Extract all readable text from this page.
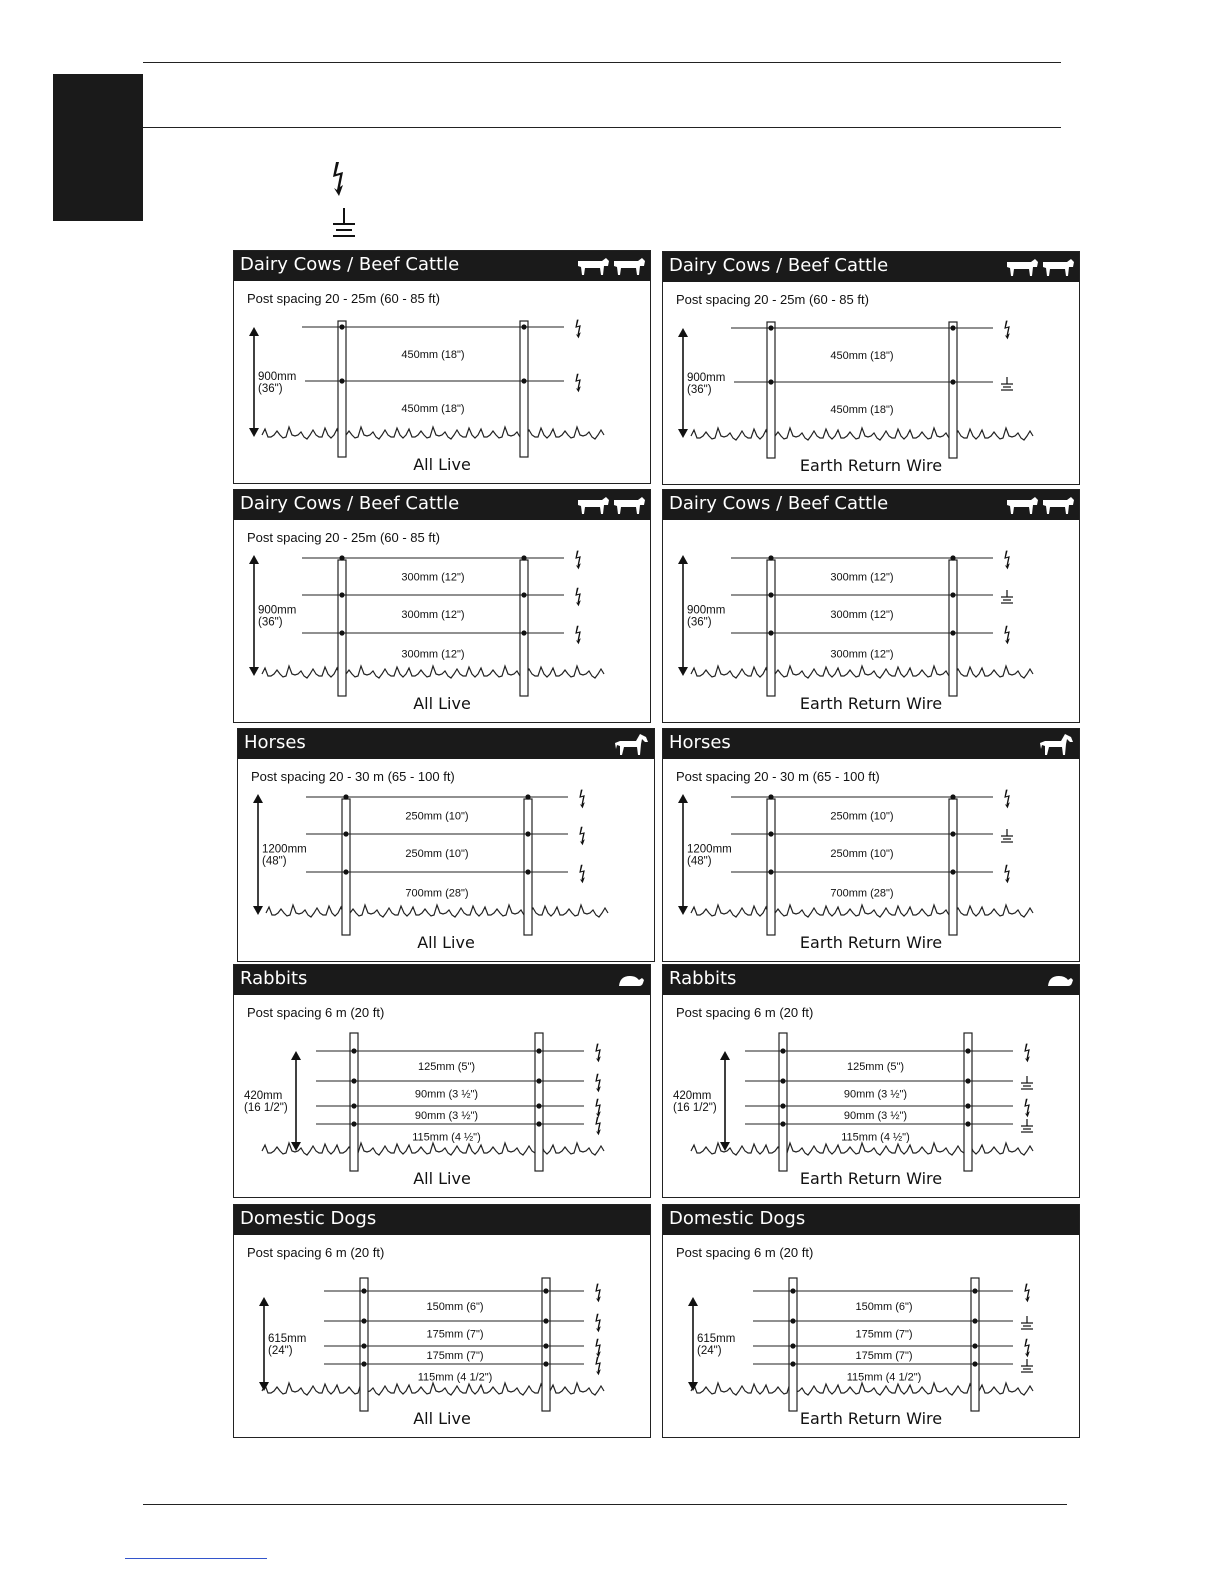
Dairy Cows / Beef Cattle
Post spacing 20 - 25m (60 - 85 ft)
All Live
450mm (18")
450mm (18")
900mm
(36")
Dairy Cows / Beef Cattle
Post spacing 20 - 25m (60 - 85 ft)
Earth Return Wire
450mm (18")
450mm (18")
900mm
(36")
Dairy Cows / Beef Cattle
Post spacing 20 - 25m (60 - 85 ft)
All Live
300mm (12")
300mm (12")
300mm (12")
900mm
(36")
Dairy Cows / Beef Cattle
Earth Return Wire
300mm (12")
300mm (12")
300mm (12")
900mm
(36")
Horses
Post spacing 20 - 30 m (65 - 100 ft)
All Live
250mm (10")
250mm (10")
700mm (28")
1200mm
(48")
Horses
Post spacing 20 - 30 m (65 - 100 ft)
Earth Return Wire
250mm (10")
250mm (10")
700mm (28")
1200mm
(48")
Rabbits
Post spacing 6 m (20 ft)
All Live
125mm (5")
90mm (3 ½")
90mm (3 ½")
115mm (4 ½")
420mm
(16 1/2")
Rabbits
Post spacing 6 m (20 ft)
Earth Return Wire
125mm (5")
90mm (3 ½")
90mm (3 ½")
115mm (4 ½")
420mm
(16 1/2")
Domestic Dogs
Post spacing 6 m (20 ft)
All Live
150mm (6")
175mm (7")
175mm (7")
115mm (4 1/2")
615mm
(24")
Domestic Dogs
Post spacing 6 m (20 ft)
Earth Return Wire
150mm (6")
175mm (7")
175mm (7")
115mm (4 1/2")
615mm
(24")
